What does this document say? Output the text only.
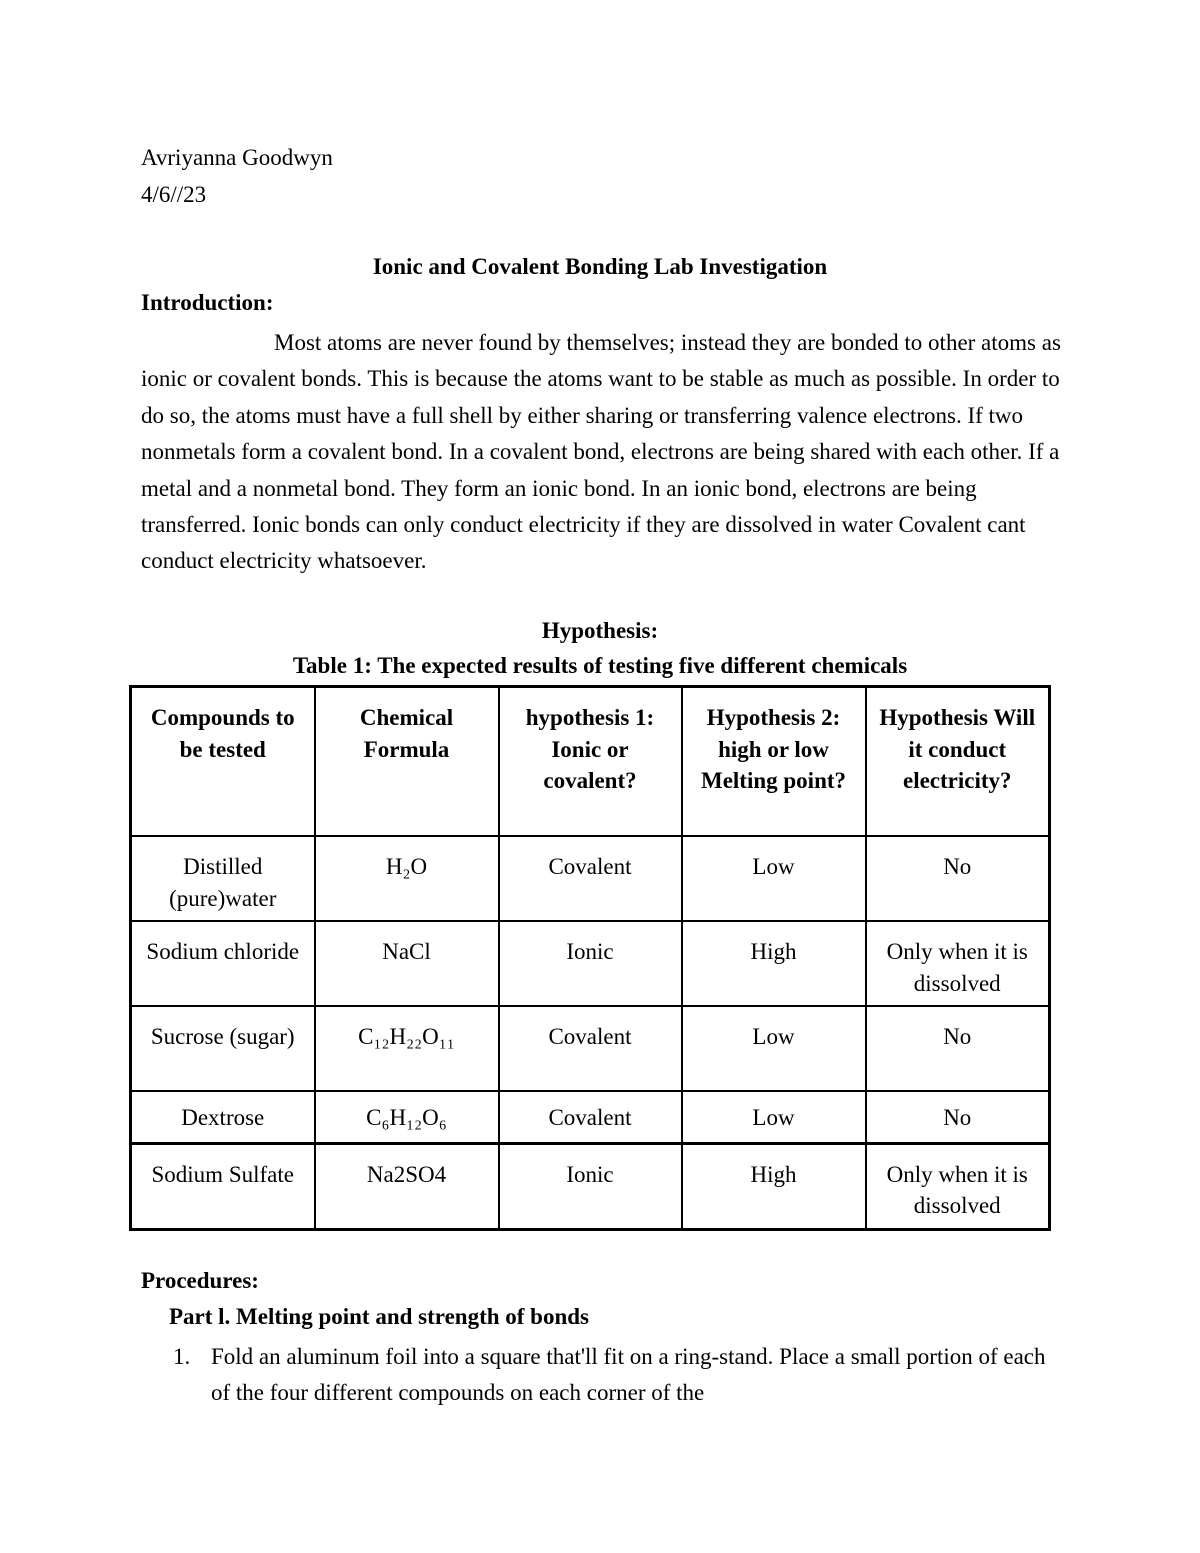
Avriyanna Goodwyn
4/6//23
Ionic and Covalent Bonding Lab Investigation
Introduction:
Most atoms are never found by themselves; instead they are bonded to other atoms as ionic or covalent bonds. This is because the atoms want to be stable as much as possible. In order to do so, the atoms must have a full shell by either sharing or transferring valence electrons. If two nonmetals form a covalent bond. In a covalent bond, electrons are being shared with each other. If a metal and a nonmetal bond. They form an ionic bond. In an ionic bond, electrons are being transferred. Ionic bonds can only conduct electricity if they are dissolved in water Covalent cant conduct electricity whatsoever.
Hypothesis:
Table 1: The expected results of testing five different chemicals
Compounds to be tested	Chemical Formula	hypothesis 1: Ionic or covalent?	Hypothesis 2: high or low Melting point?	Hypothesis Will it conduct electricity?
Distilled (pure)water	H₂O	Covalent	Low	No
Sodium chloride	NaCl	Ionic	High	Only when it is dissolved
Sucrose (sugar)	C₁₂H₂₂O₁₁	Covalent	Low	No
Dextrose	C₆H₁₂O₆	Covalent	Low	No
Sodium Sulfate	Na2SO4	Ionic	High	Only when it is dissolved
Procedures:
Part l. Melting point and strength of bonds
1. Fold an aluminum foil into a square that'll fit on a ring-stand. Place a small portion of each of the four different compounds on each corner of the
